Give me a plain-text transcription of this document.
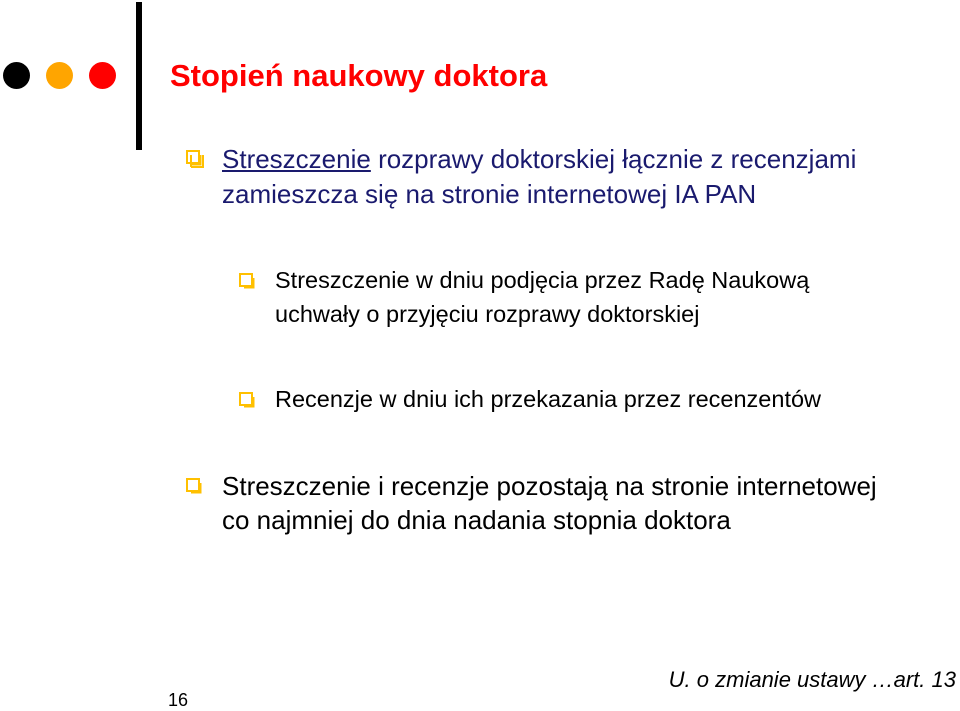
Stopień naukowy doktora
Streszczenie rozprawy doktorskiej łącznie z recenzjami
zamieszcza się na stronie internetowej IA PAN
Streszczenie w dniu podjęcia przez Radę Naukową
uchwały o przyjęciu rozprawy doktorskiej
Recenzje w dniu ich przekazania przez recenzentów
Streszczenie i recenzje pozostają na stronie internetowej
co najmniej do dnia nadania stopnia doktora
16
U. o zmianie ustawy …art. 13
